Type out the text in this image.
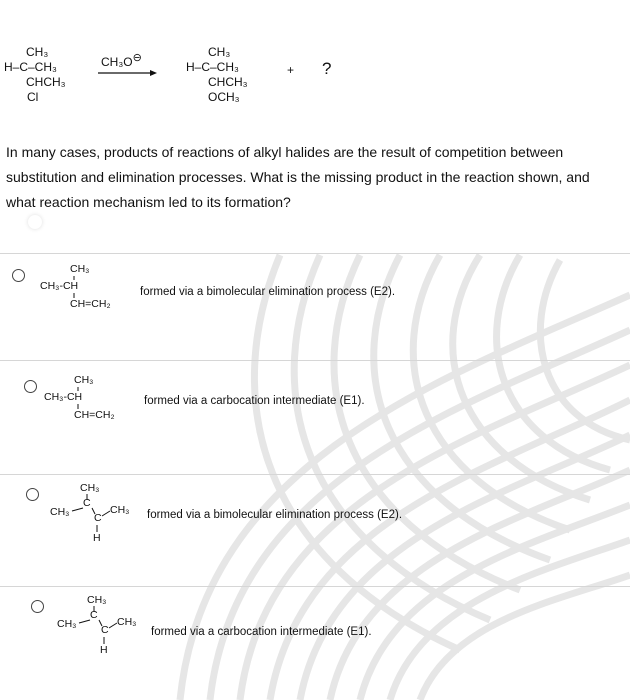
CH₃
H–C–CH₃
CHCH₃
Cl
CH₃O⊖	CH₃
H–C–CH₃
CHCH₃
OCH₃
+ ?

In many cases, products of reactions of alkyl halides are the result of competition between substitution and elimination processes. What is the missing product in the reaction shown, and what reaction mechanism led to its formation?

CH₃
CH₃-CH
CH=CH₂
formed via a bimolecular elimination process (E2).
CH₃
CH₃-CH
CH=CH₂
formed via a carbocation intermediate (E1).
CH₃
CH₃
C
C
CH₃
H
formed via a bimolecular elimination process (E2).
CH₃
CH₃
C
C
CH₃
H
formed via a carbocation intermediate (E1).
